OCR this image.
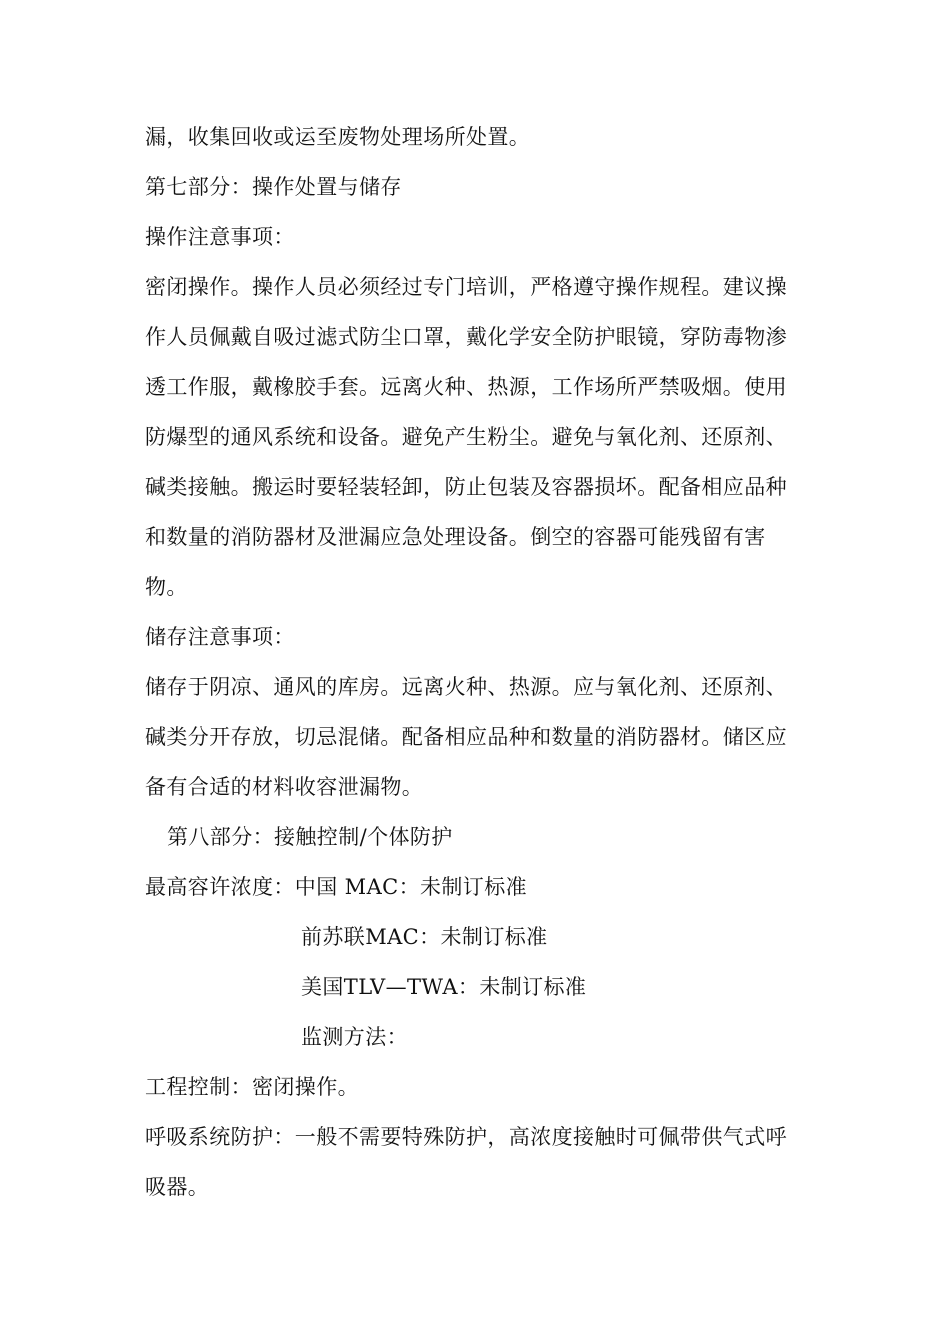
漏，收集回收或运至废物处理场所处置。
第七部分：操作处置与储存
操作注意事项：
密闭操作。操作人员必须经过专门培训，严格遵守操作规程。建议操
作人员佩戴自吸过滤式防尘口罩，戴化学安全防护眼镜，穿防毒物渗
透工作服，戴橡胶手套。远离火种、热源，工作场所严禁吸烟。使用
防爆型的通风系统和设备。避免产生粉尘。避免与氧化剂、还原剂、
碱类接触。搬运时要轻装轻卸，防止包装及容器损坏。配备相应品种
和数量的消防器材及泄漏应急处理设备。倒空的容器可能残留有害
物。
储存注意事项：
储存于阴凉、通风的库房。远离火种、热源。应与氧化剂、还原剂、
碱类分开存放，切忌混储。配备相应品种和数量的消防器材。储区应
备有合适的材料收容泄漏物。
第八部分：接触控制/个体防护
最高容许浓度：中国 MAC：未制订标准
前苏联MAC：未制订标准
美国TLV—TWA：未制订标准
监测方法：
工程控制：密闭操作。
呼吸系统防护：一般不需要特殊防护，高浓度接触时可佩带供气式呼
吸器。
